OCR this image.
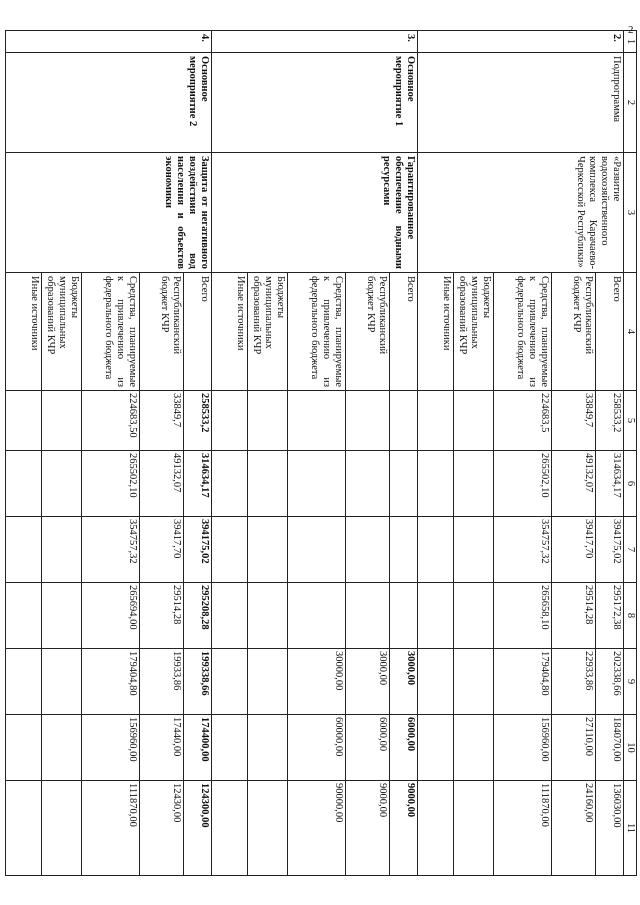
2
1	2	3	4	5	6	7	8	9	10	11
2.	Подпрограмма	«Развитие водохозяйственного комплекса Карачаево-Черкесской Республики»	Всего	258533,2	314634,17	394175,02	295172,38	202338,66	184070,00	136030,00
			Республиканский бюджет КЧР	33849,7	49132,07	39417,70	29514,28	22933,86	27110,00	24160,00
			Средства, планируемые к привлечению из федерального бюджета	224683,5	265502,10	354757,32	265658,10	179404,80	156960,00	111870,00
			Бюджеты муниципальных образований КЧР							
			Иные источники							
3.	Основное мероприятие 1	Гарантированное обеспечение водными ресурсами	Всего					3000,00	6000,00	9000,00
			Республиканский бюджет КЧР					3000,00	6000,00	9000,00
			Средства, планируемые к привлечению из федерального бюджета					30000,00	60000,00	90000,00
			Бюджеты муниципальных образований КЧР							
			Иные источники							
4.	Основное мероприятие 2	Защита от негативного воздействия вод населения и объектов экономики	Всего	258533,2	314634,17	394175,02	295208,28	199338,66	174400,00	124300,00
			Республиканский бюджет КЧР	33849,7	49132,07	39417,70	29514,28	19933,86	17440,00	12430,00
			Средства, планируемые к привлечению из федерального бюджета	224683,50	265502,10	354757,32	265694,00	179404,80	156960,00	111870,00
			Бюджеты муниципальных образований КЧР							
			Иные источники							
